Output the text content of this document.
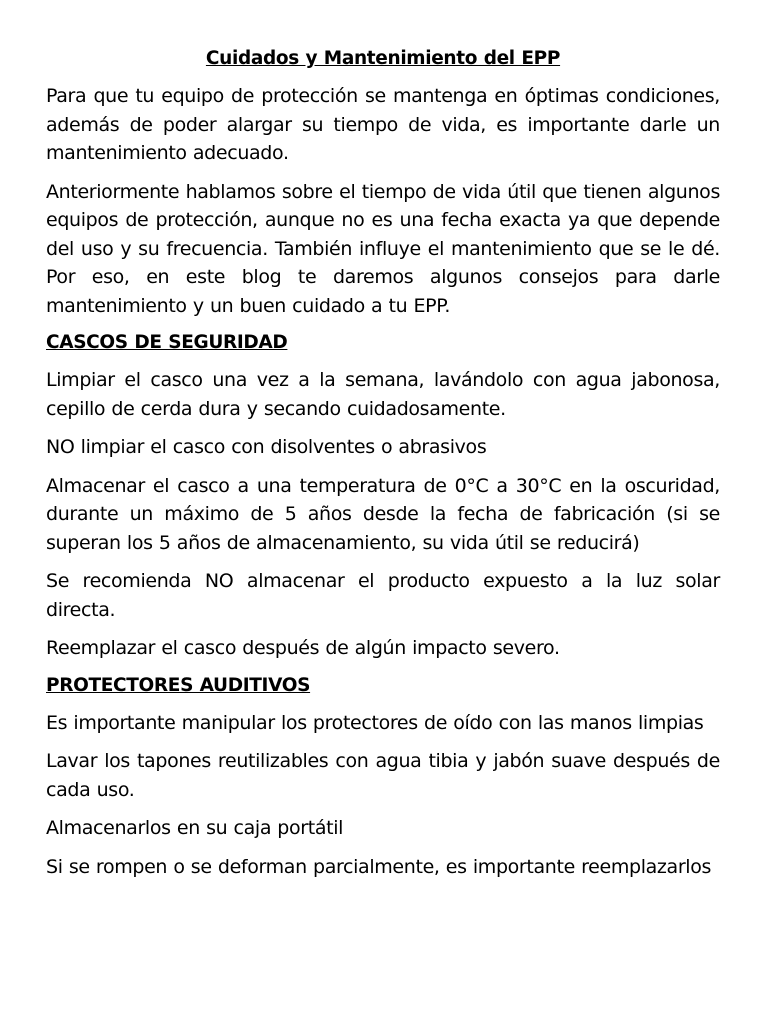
Cuidados y Mantenimiento del EPP

Para que tu equipo de protección se mantenga en óptimas condiciones, además de poder alargar su tiempo de vida, es importante darle un mantenimiento adecuado.

Anteriormente hablamos sobre el tiempo de vida útil que tienen algunos equipos de protección, aunque no es una fecha exacta ya que depende del uso y su frecuencia. También influye el mantenimiento que se le dé. Por eso, en este blog te daremos algunos consejos para darle mantenimiento y un buen cuidado a tu EPP.

CASCOS DE SEGURIDAD

Limpiar el casco una vez a la semana, lavándolo con agua jabonosa, cepillo de cerda dura y secando cuidadosamente.

NO limpiar el casco con disolventes o abrasivos

Almacenar el casco a una temperatura de 0°C a 30°C en la oscuridad, durante un máximo de 5 años desde la fecha de fabricación (si se superan los 5 años de almacenamiento, su vida útil se reducirá)

Se recomienda NO almacenar el producto expuesto a la luz solar directa.

Reemplazar el casco después de algún impacto severo.

PROTECTORES AUDITIVOS

Es importante manipular los protectores de oído con las manos limpias

Lavar los tapones reutilizables con agua tibia y jabón suave después de cada uso.

Almacenarlos en su caja portátil

Si se rompen o se deforman parcialmente, es importante reemplazarlos
